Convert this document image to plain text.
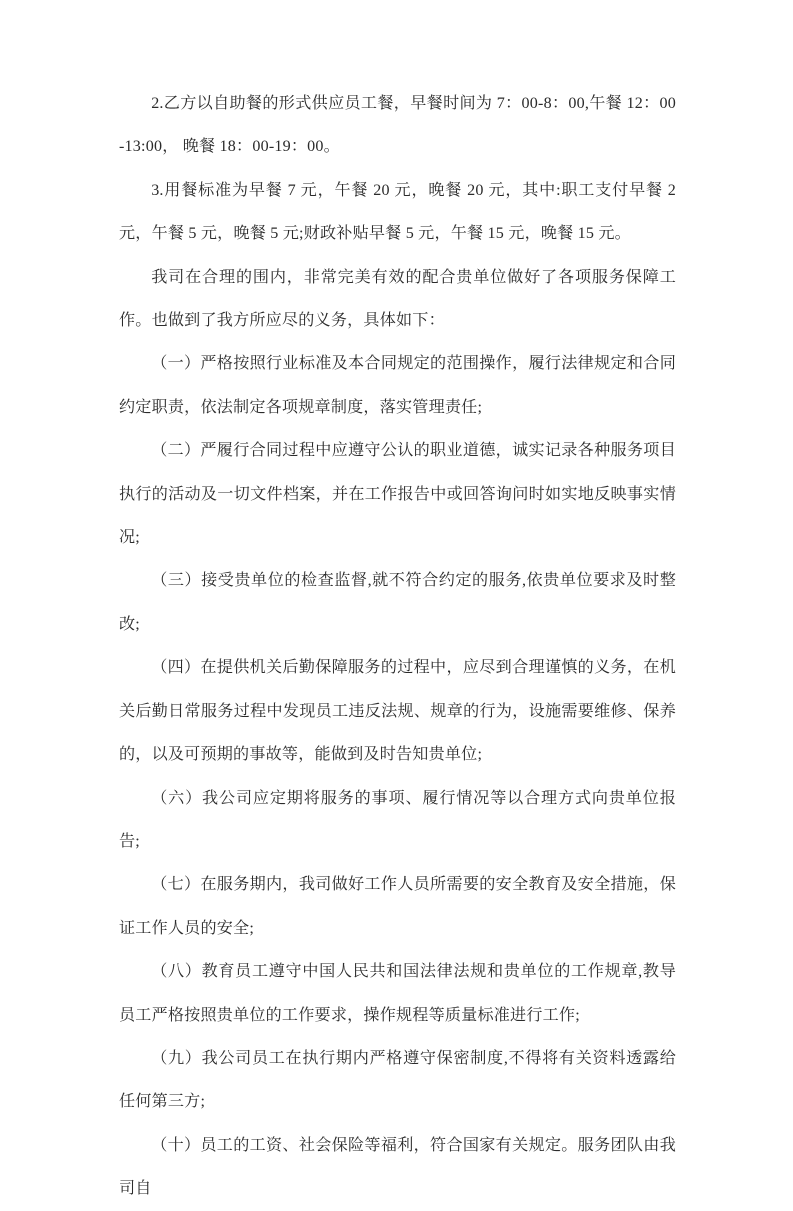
2.乙方以自助餐的形式供应员工餐，早餐时间为 7：00-8：00,午餐 12：00-13:00， 晚餐 18：00-19：00。

3.用餐标准为早餐 7 元，午餐 20 元，晚餐 20 元，其中:职工支付早餐 2 元，午餐 5 元，晚餐 5 元;财政补贴早餐 5 元，午餐 15 元，晚餐 15 元。

我司在合理的围内，非常完美有效的配合贵单位做好了各项服务保障工作。也做到了我方所应尽的义务，具体如下：

（一）严格按照行业标准及本合同规定的范围操作，履行法律规定和合同约定职责，依法制定各项规章制度，落实管理责任;

（二）严履行合同过程中应遵守公认的职业道德，诚实记录各种服务项目执行的活动及一切文件档案，并在工作报告中或回答询问时如实地反映事实情况;

（三）接受贵单位的检查监督,就不符合约定的服务,依贵单位要求及时整改;

（四）在提供机关后勤保障服务的过程中，应尽到合理谨慎的义务，在机关后勤日常服务过程中发现员工违反法规、规章的行为，设施需要维修、保养的，以及可预期的事故等，能做到及时告知贵单位;

（六）我公司应定期将服务的事项、履行情况等以合理方式向贵单位报告;

（七）在服务期内，我司做好工作人员所需要的安全教育及安全措施，保证工作人员的安全;

（八）教育员工遵守中国人民共和国法律法规和贵单位的工作规章,教导员工严格按照贵单位的工作要求，操作规程等质量标准进行工作;

（九）我公司员工在执行期内严格遵守保密制度,不得将有关资料透露给任何第三方;

（十）员工的工资、社会保险等福利，符合国家有关规定。服务团队由我司自
